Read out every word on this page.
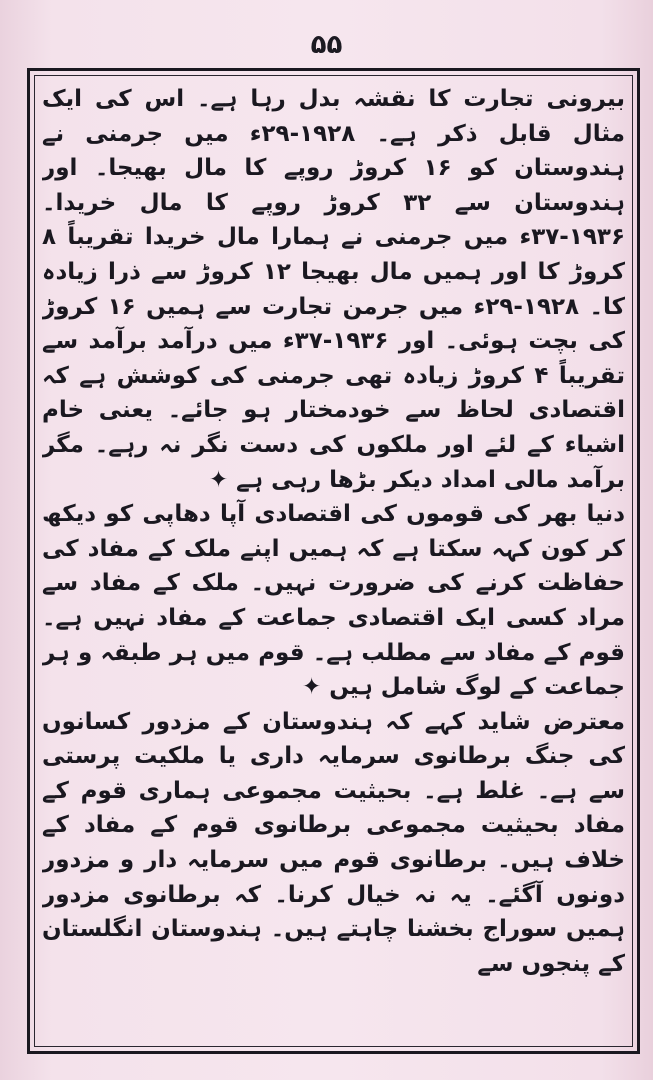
۵۵

بیرونی تجارت کا نقشہ بدل رہا ہے۔ اس کی ایک مثال قابل ذکر ہے۔ ۱۹۲۸-۲۹ء میں جرمنی نے ہندوستان کو ۱۶ کروڑ روپے کا مال بھیجا۔ اور ہندوستان سے ۳۲ کروڑ روپے کا مال خریدا۔ ۱۹۳۶-۳۷ء میں جرمنی نے ہمارا مال خریدا تقریباً ۸ کروڑ کا اور ہمیں مال بھیجا ۱۲ کروڑ سے ذرا زیادہ کا۔ ۱۹۲۸-۲۹ء میں جرمن تجارت سے ہمیں ۱۶ کروڑ کی بچت ہوئی۔ اور ۱۹۳۶-۳۷ء میں درآمد برآمد سے تقریباً ۴ کروڑ زیادہ تھی جرمنی کی کوشش ہے کہ اقتصادی لحاظ سے خودمختار ہو جائے۔ یعنی خام اشیاء کے لئے اور ملکوں کی دست نگر نہ رہے۔ مگر برآمد مالی امداد دیکر بڑھا رہی ہے ✦

دنیا بھر کی قوموں کی اقتصادی آپا دھاپی کو دیکھ کر کون کہہ سکتا ہے کہ ہمیں اپنے ملک کے مفاد کی حفاظت کرنے کی ضرورت نہیں۔ ملک کے مفاد سے مراد کسی ایک اقتصادی جماعت کے مفاد نہیں ہے۔ قوم کے مفاد سے مطلب ہے۔ قوم میں ہر طبقہ و ہر جماعت کے لوگ شامل ہیں ✦

معترض شاید کہے کہ ہندوستان کے مزدور کسانوں کی جنگ برطانوی سرمایہ داری یا ملکیت پرستی سے ہے۔ غلط ہے۔ بحیثیت مجموعی ہماری قوم کے مفاد بحیثیت مجموعی برطانوی قوم کے مفاد کے خلاف ہیں۔ برطانوی قوم میں سرمایہ دار و مزدور دونوں آگئے۔ یہ نہ خیال کرنا۔ کہ برطانوی مزدور ہمیں سوراج بخشنا چاہتے ہیں۔ ہندوستان انگلستان کے پنجوں سے
